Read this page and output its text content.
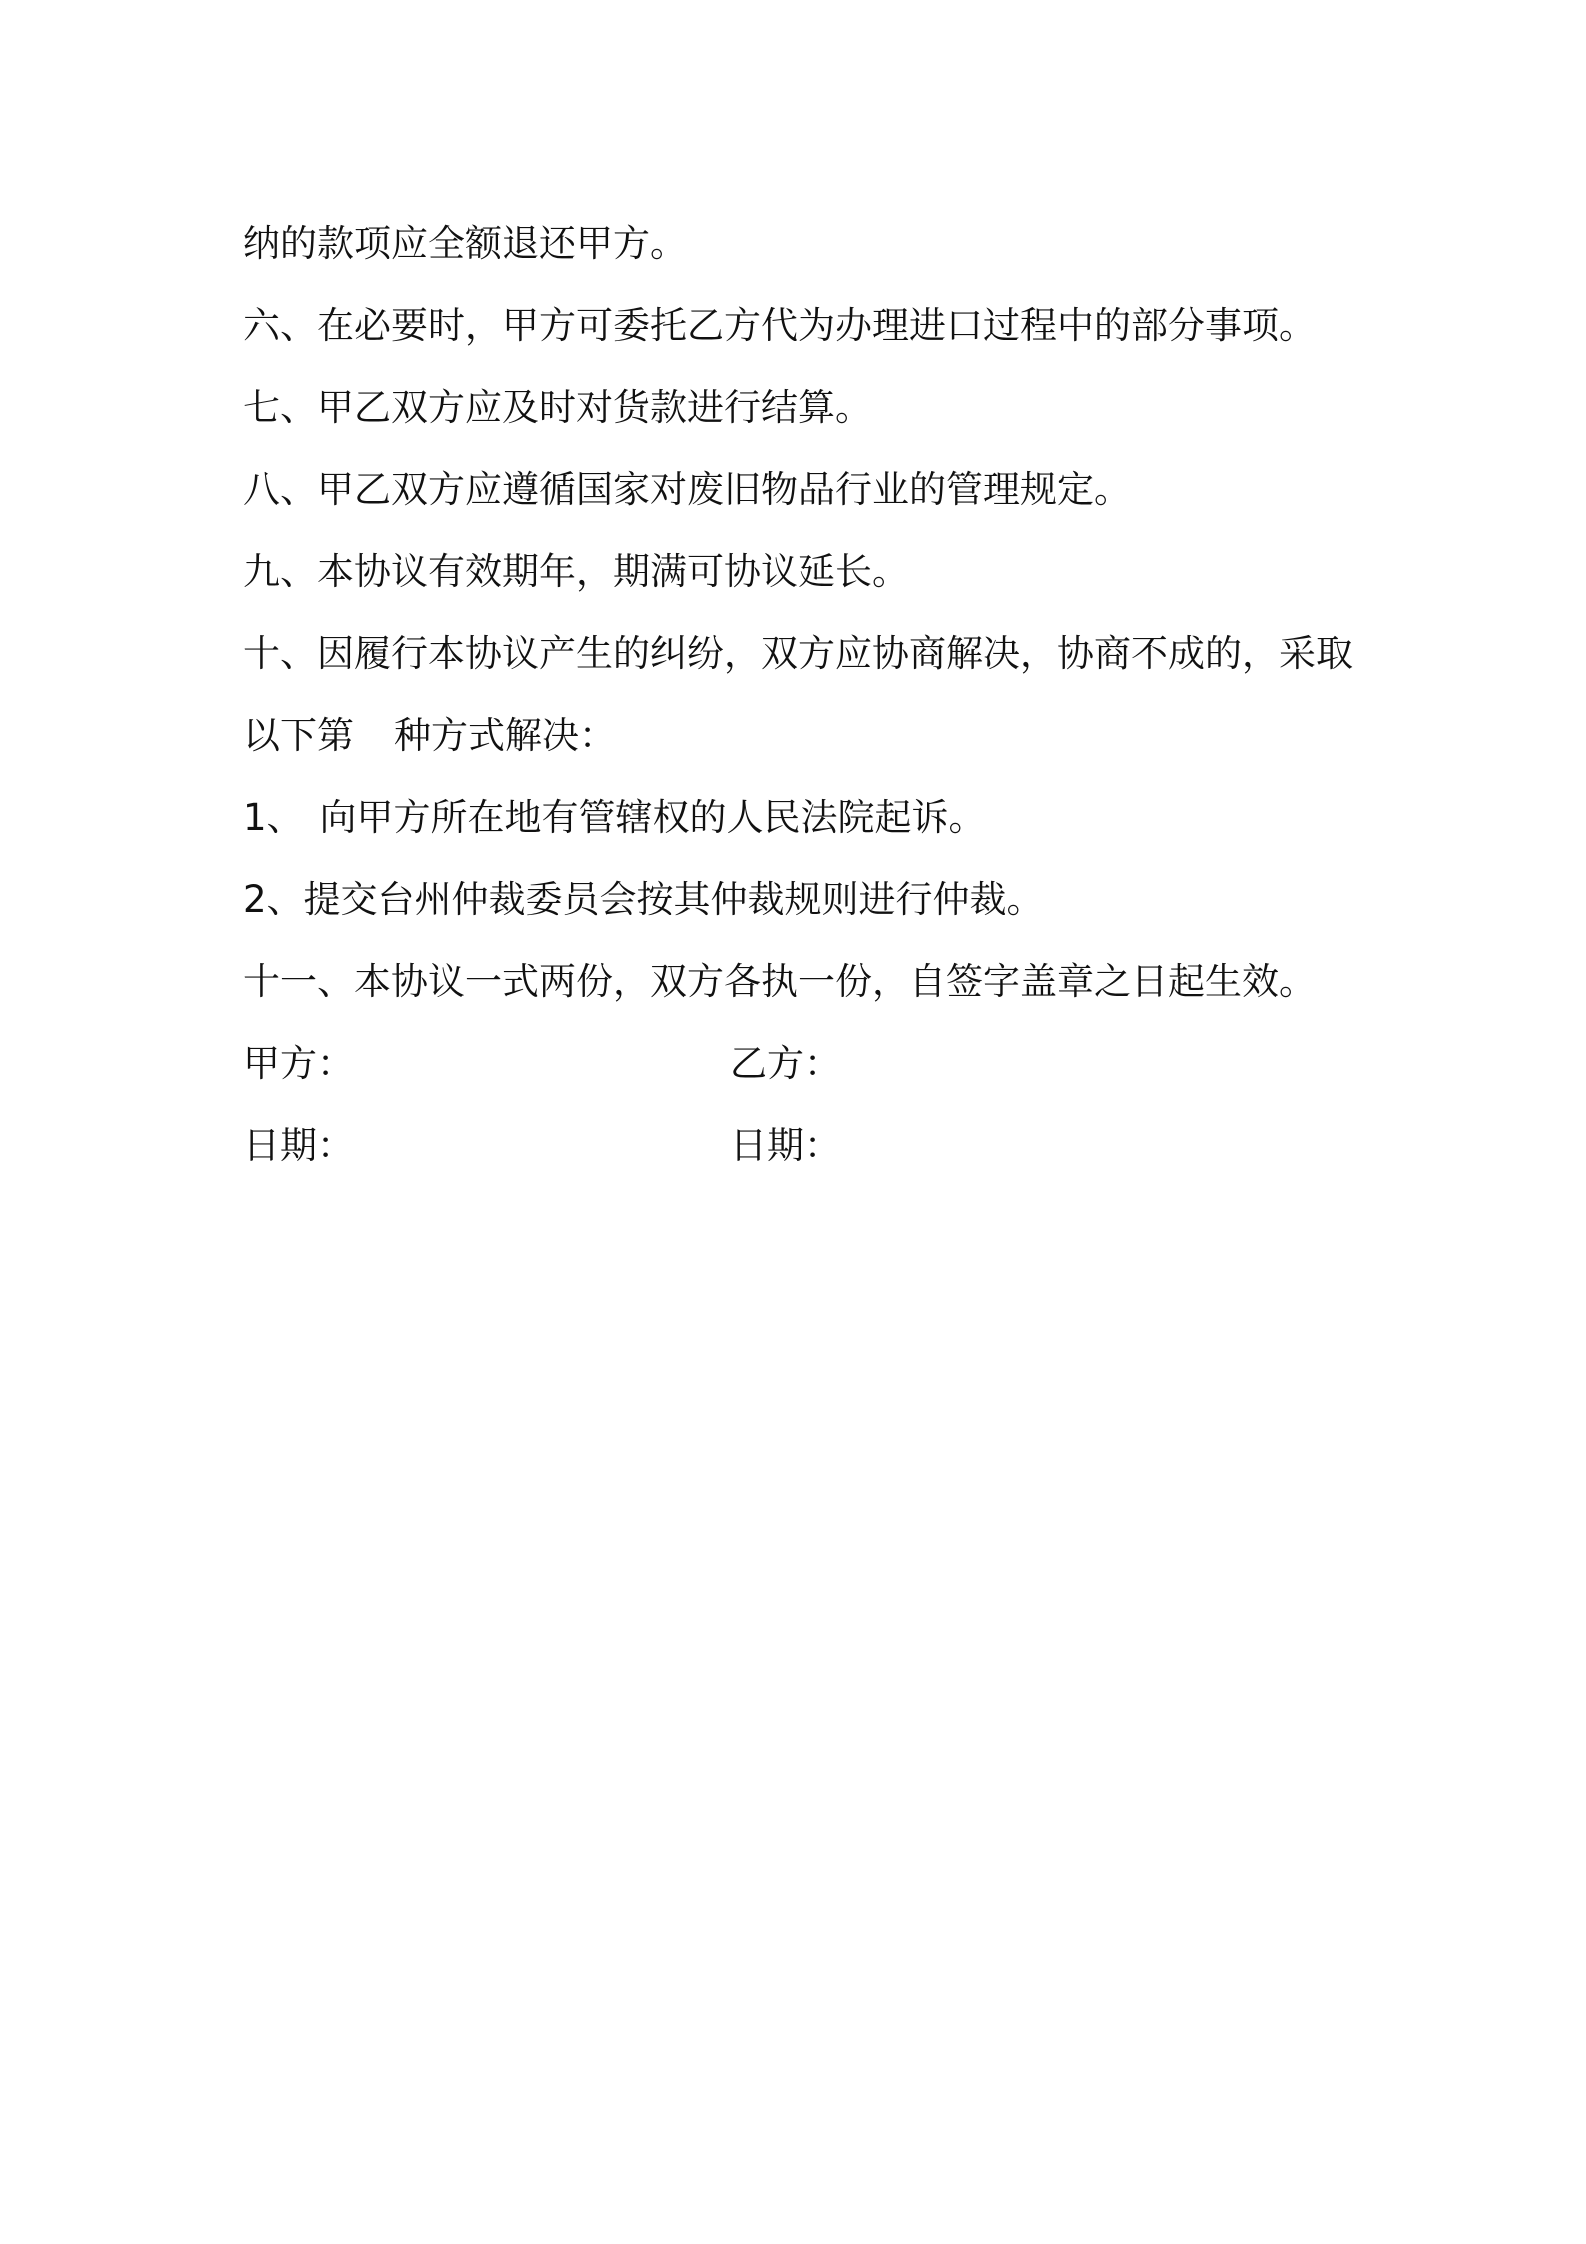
纳的款项应全额退还甲方。
六、在必要时，甲方可委托乙方代为办理进口过程中的部分事项。
七、甲乙双方应及时对货款进行结算。
八、甲乙双方应遵循国家对废旧物品行业的管理规定。
九、本协议有效期年，期满可协议延长。
十、因履行本协议产生的纠纷，双方应协商解决，协商不成的，采取
以下第 种方式解决：
1、 向甲方所在地有管辖权的人民法院起诉。
2、提交台州仲裁委员会按其仲裁规则进行仲裁。
十一、本协议一式两份，双方各执一份，自签字盖章之日起生效。
甲方：	乙方：
日期：	日期：
